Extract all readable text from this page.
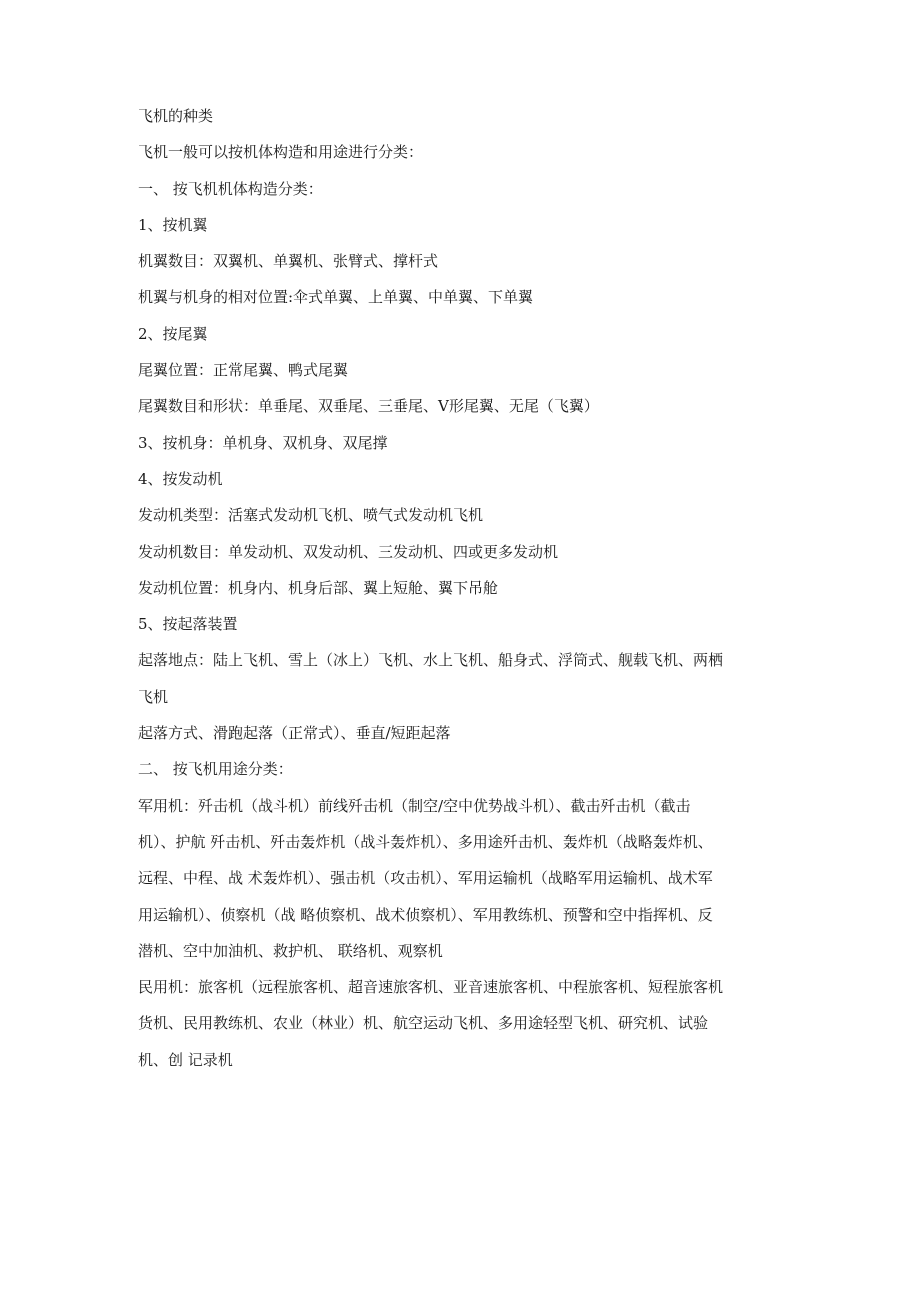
飞机的种类
飞机一般可以按机体构造和用途进行分类：
一、 按飞机机体构造分类：
1、按机翼
机翼数目：双翼机、单翼机、张臂式、撑杆式
机翼与机身的相对位置:伞式单翼、上单翼、中单翼、下单翼
2、按尾翼
尾翼位置：正常尾翼、鸭式尾翼
尾翼数目和形状：单垂尾、双垂尾、三垂尾、V形尾翼、无尾（飞翼）
3、按机身：单机身、双机身、双尾撑
4、按发动机
发动机类型：活塞式发动机飞机、喷气式发动机飞机
发动机数目：单发动机、双发动机、三发动机、四或更多发动机
发动机位置：机身内、机身后部、翼上短舱、翼下吊舱
5、按起落装置
起落地点：陆上飞机、雪上（冰上）飞机、水上飞机、船身式、浮筒式、舰载飞机、两栖
飞机
起落方式、滑跑起落（正常式）、垂直/短距起落
二、 按飞机用途分类：
军用机：歼击机（战斗机）前线歼击机（制空/空中优势战斗机）、截击歼击机（截击
机）、护航 歼击机、歼击轰炸机（战斗轰炸机）、多用途歼击机、轰炸机（战略轰炸机、
远程、中程、战 术轰炸机）、强击机（攻击机）、军用运输机（战略军用运输机、战术军
用运输机）、侦察机（战 略侦察机、战术侦察机）、军用教练机、预警和空中指挥机、反
潜机、空中加油机、救护机、 联络机、观察机
民用机：旅客机（远程旅客机、超音速旅客机、亚音速旅客机、中程旅客机、短程旅客机
货机、民用教练机、农业（林业）机、航空运动飞机、多用途轻型飞机、研究机、试验
机、创 记录机
